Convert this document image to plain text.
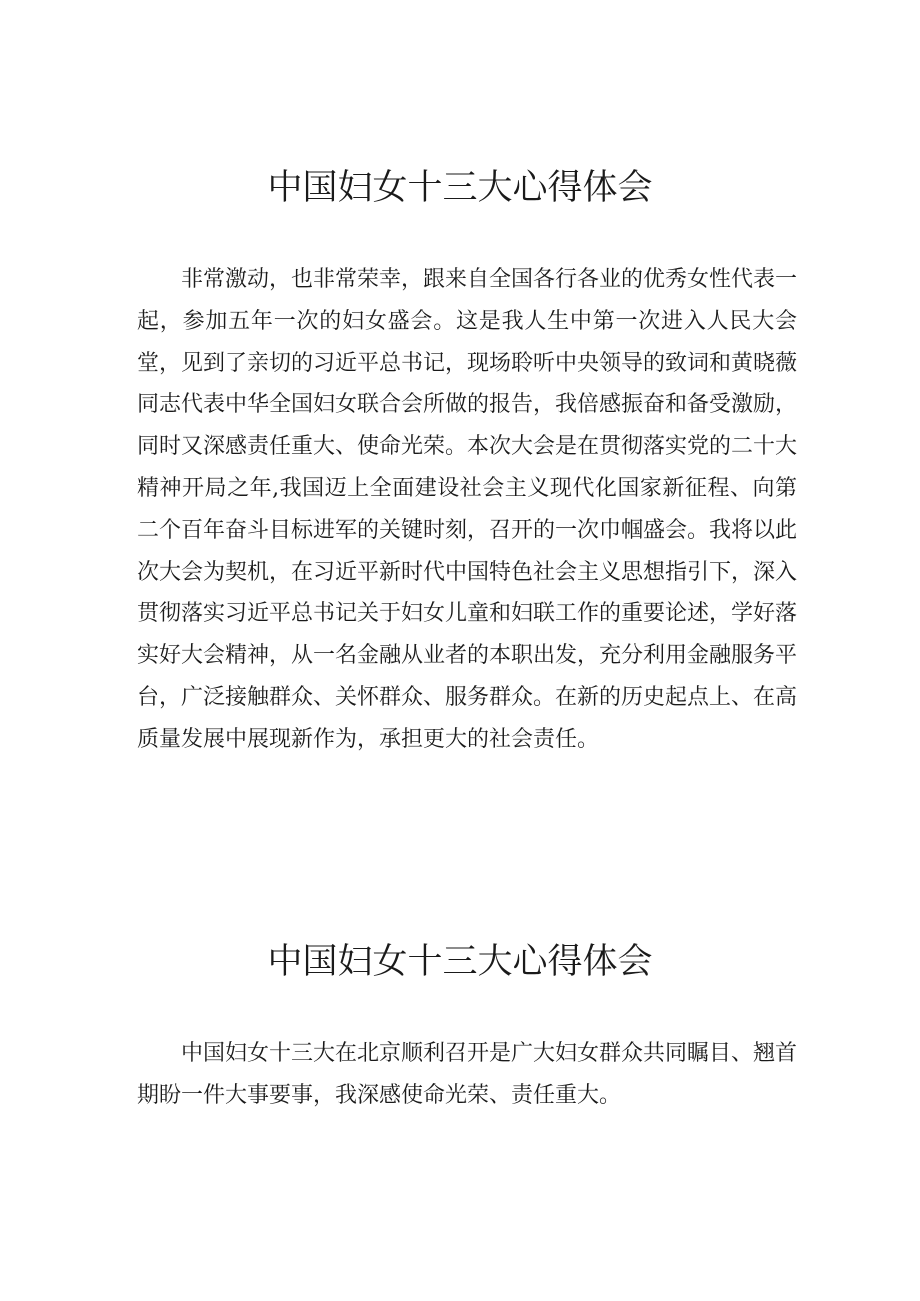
中国妇女十三大心得体会

非常激动，也非常荣幸，跟来自全国各行各业的优秀女性代表一起，参加五年一次的妇女盛会。这是我人生中第一次进入人民大会堂，见到了亲切的习近平总书记，现场聆听中央领导的致词和黄晓薇同志代表中华全国妇女联合会所做的报告，我倍感振奋和备受激励，同时又深感责任重大、使命光荣。本次大会是在贯彻落实党的二十大精神开局之年,我国迈上全面建设社会主义现代化国家新征程、向第二个百年奋斗目标进军的关键时刻，召开的一次巾帼盛会。我将以此次大会为契机，在习近平新时代中国特色社会主义思想指引下，深入贯彻落实习近平总书记关于妇女儿童和妇联工作的重要论述，学好落实好大会精神，从一名金融从业者的本职出发，充分利用金融服务平台，广泛接触群众、关怀群众、服务群众。在新的历史起点上、在高质量发展中展现新作为，承担更大的社会责任。

中国妇女十三大心得体会

中国妇女十三大在北京顺利召开是广大妇女群众共同瞩目、翘首期盼一件大事要事，我深感使命光荣、责任重大。
